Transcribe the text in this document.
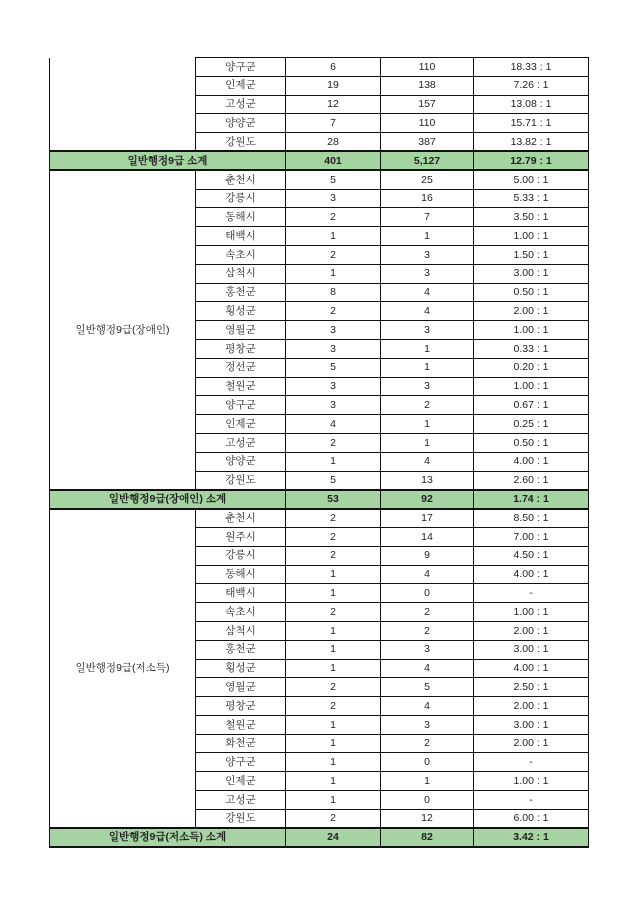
	양구군	6	110	18.33 : 1
	인제군	19	138	7.26 : 1
	고성군	12	157	13.08 : 1
	양양군	7	110	15.71 : 1
	강원도	28	387	13.82 : 1
일반행정9급 소계		401	5,127	12.79 : 1
일반행정9급(장애인)	춘천시	5	25	5.00 : 1
	강릉시	3	16	5.33 : 1
	동해시	2	7	3.50 : 1
	태백시	1	1	1.00 : 1
	속초시	2	3	1.50 : 1
	삼척시	1	3	3.00 : 1
	홍천군	8	4	0.50 : 1
	횡성군	2	4	2.00 : 1
	영월군	3	3	1.00 : 1
	평창군	3	1	0.33 : 1
	정선군	5	1	0.20 : 1
	철원군	3	3	1.00 : 1
	양구군	3	2	0.67 : 1
	인제군	4	1	0.25 : 1
	고성군	2	1	0.50 : 1
	양양군	1	4	4.00 : 1
	강원도	5	13	2.60 : 1
일반행정9급(장애인) 소계		53	92	1.74 : 1
일반행정9급(저소득)	춘천시	2	17	8.50 : 1
	원주시	2	14	7.00 : 1
	강릉시	2	9	4.50 : 1
	동해시	1	4	4.00 : 1
	태백시	1	0	-
	속초시	2	2	1.00 : 1
	삼척시	1	2	2.00 : 1
	홍천군	1	3	3.00 : 1
	횡성군	1	4	4.00 : 1
	영월군	2	5	2.50 : 1
	평창군	2	4	2.00 : 1
	철원군	1	3	3.00 : 1
	화천군	1	2	2.00 : 1
	양구군	1	0	-
	인제군	1	1	1.00 : 1
	고성군	1	0	-
	강원도	2	12	6.00 : 1
일반행정9급(저소득) 소계		24	82	3.42 : 1
